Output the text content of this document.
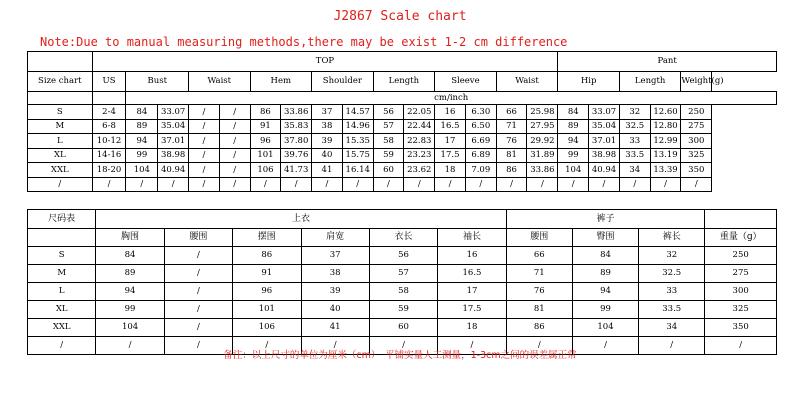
J2867 Scale chart
Note:Due to manual measuring methods,there may be exist 1-2 cm difference
	TOP															Pant				
Size chart	US	Bust		Waist		Hem		Shoulder		Length		Sleeve		Waist		Hip		Length		Weight(g)
		cm/inch																		
S	2-4	84	33.07	/	/	86	33.86	37	14.57	56	22.05	16	6.30	66	25.98	84	33.07	32	12.60	250
M	6-8	89	35.04	/	/	91	35.83	38	14.96	57	22.44	16.5	6.50	71	27.95	89	35.04	32.5	12.80	275
L	10-12	94	37.01	/	/	96	37.80	39	15.35	58	22.83	17	6.69	76	29.92	94	37.01	33	12.99	300
XL	14-16	99	38.98	/	/	101	39.76	40	15.75	59	23.23	17.5	6.89	81	31.89	99	38.98	33.5	13.19	325
XXL	18-20	104	40.94	/	/	106	41.73	41	16.14	60	23.62	18	7.09	86	33.86	104	40.94	34	13.39	350
/	/	/	/	/	/	/	/	/	/	/	/	/	/	/	/	/	/	/	/	/
尺码表	上衣						裤子			
	胸围	腰围	摆围	肩宽	衣长	袖长	腰围	臀围	裤长	重量（g）
S	84	/	86	37	56	16	66	84	32	250
M	89	/	91	38	57	16.5	71	89	32.5	275
L	94	/	96	39	58	17	76	94	33	300
XL	99	/	101	40	59	17.5	81	99	33.5	325
XXL	104	/	106	41	60	18	86	104	34	350
/	/	/	/	/	/	/	/	/	/	/
备注：以上尺寸的单位为厘米（cm）　平铺实量人工测量，1-3cm之间的误差属正常
